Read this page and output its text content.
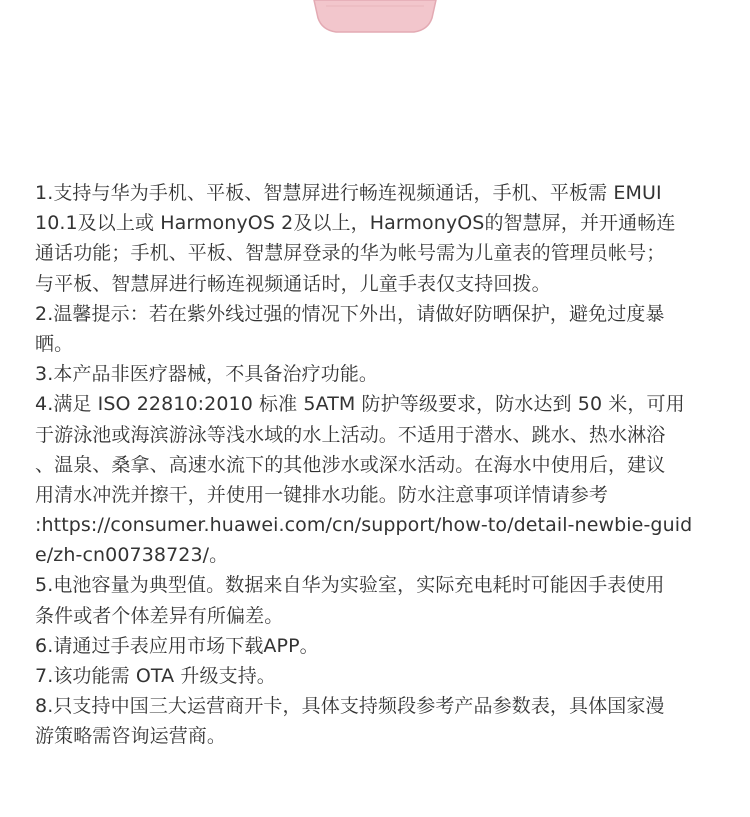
1.支持与华为手机、平板、智慧屏进行畅连视频通话，手机、平板需 EMUI
10.1及以上或 HarmonyOS 2及以上，HarmonyOS的智慧屏，并开通畅连
通话功能；手机、平板、智慧屏登录的华为帐号需为儿童表的管理员帐号；
与平板、智慧屏进行畅连视频通话时，儿童手表仅支持回拨。
2.温馨提示：若在紫外线过强的情况下外出，请做好防晒保护，避免过度暴
晒。
3.本产品非医疗器械，不具备治疗功能。
4.满足 ISO 22810:2010 标准 5ATM 防护等级要求，防水达到 50 米，可用
于游泳池或海滨游泳等浅水域的水上活动。不适用于潜水、跳水、热水淋浴
、温泉、桑拿、高速水流下的其他涉水或深水活动。在海水中使用后，建议
用清水冲洗并擦干，并使用一键排水功能。防水注意事项详情请参考
:https://consumer.huawei.com/cn/support/how-to/detail-newbie-guid
e/zh-cn00738723/。
5.电池容量为典型值。数据来自华为实验室，实际充电耗时可能因手表使用
条件或者个体差异有所偏差。
6.请通过手表应用市场下载APP。
7.该功能需 OTA 升级支持。
8.只支持中国三大运营商开卡，具体支持频段参考产品参数表，具体国家漫
游策略需咨询运营商。
